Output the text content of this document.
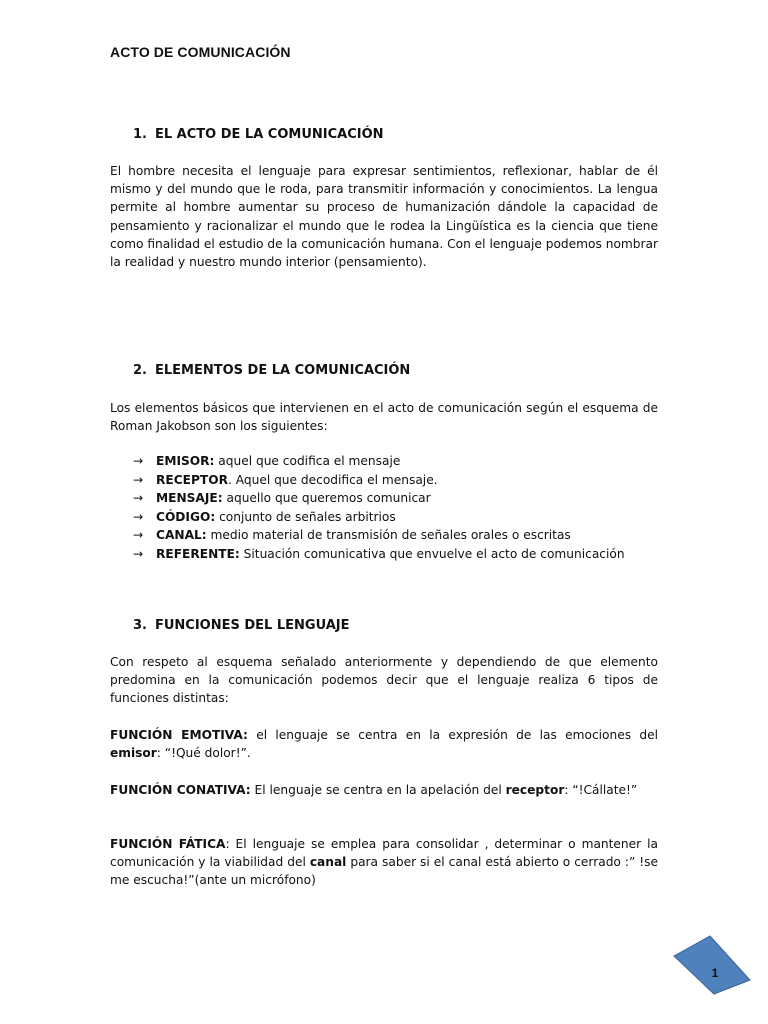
ACTO DE COMUNICACIÓN
1. EL ACTO DE LA COMUNICACIÓN

El hombre necesita el lenguaje para expresar sentimientos, reflexionar, hablar de él mismo y del mundo que le roda, para transmitir información y conocimientos. La lengua permite al hombre aumentar su proceso de humanización dándole la capacidad de pensamiento y racionalizar el mundo que le rodea la Lingüística es la ciencia que tiene como finalidad el estudio de la comunicación humana. Con el lenguaje podemos nombrar la realidad y nuestro mundo interior (pensamiento).

2. ELEMENTOS DE LA COMUNICACIÓN

Los elementos básicos que intervienen en el acto de comunicación según el esquema de Roman Jakobson son los siguientes:

→ EMISOR: aquel que codifica el mensaje
→ RECEPTOR. Aquel que decodifica el mensaje.
→ MENSAJE: aquello que queremos comunicar
→ CÓDIGO: conjunto de señales arbitrios
→ CANAL: medio material de transmisión de señales orales o escritas
→ REFERENTE: Situación comunicativa que envuelve el acto de comunicación
3. FUNCIONES DEL LENGUAJE

Con respeto al esquema señalado anteriormente y dependiendo de que elemento predomina en la comunicación podemos decir que el lenguaje realiza 6 tipos de funciones distintas:

FUNCIÓN EMOTIVA: el lenguaje se centra en la expresión de las emociones del emisor: “!Qué dolor!”.

FUNCIÓN CONATIVA: El lenguaje se centra en la apelación del receptor: “!Cállate!”

FUNCIÓN FÁTICA: El lenguaje se emplea para consolidar , determinar o mantener la comunicación y la viabilidad del canal para saber si el canal está abierto o cerrado :” !se me escucha!”(ante un micrófono)

1
